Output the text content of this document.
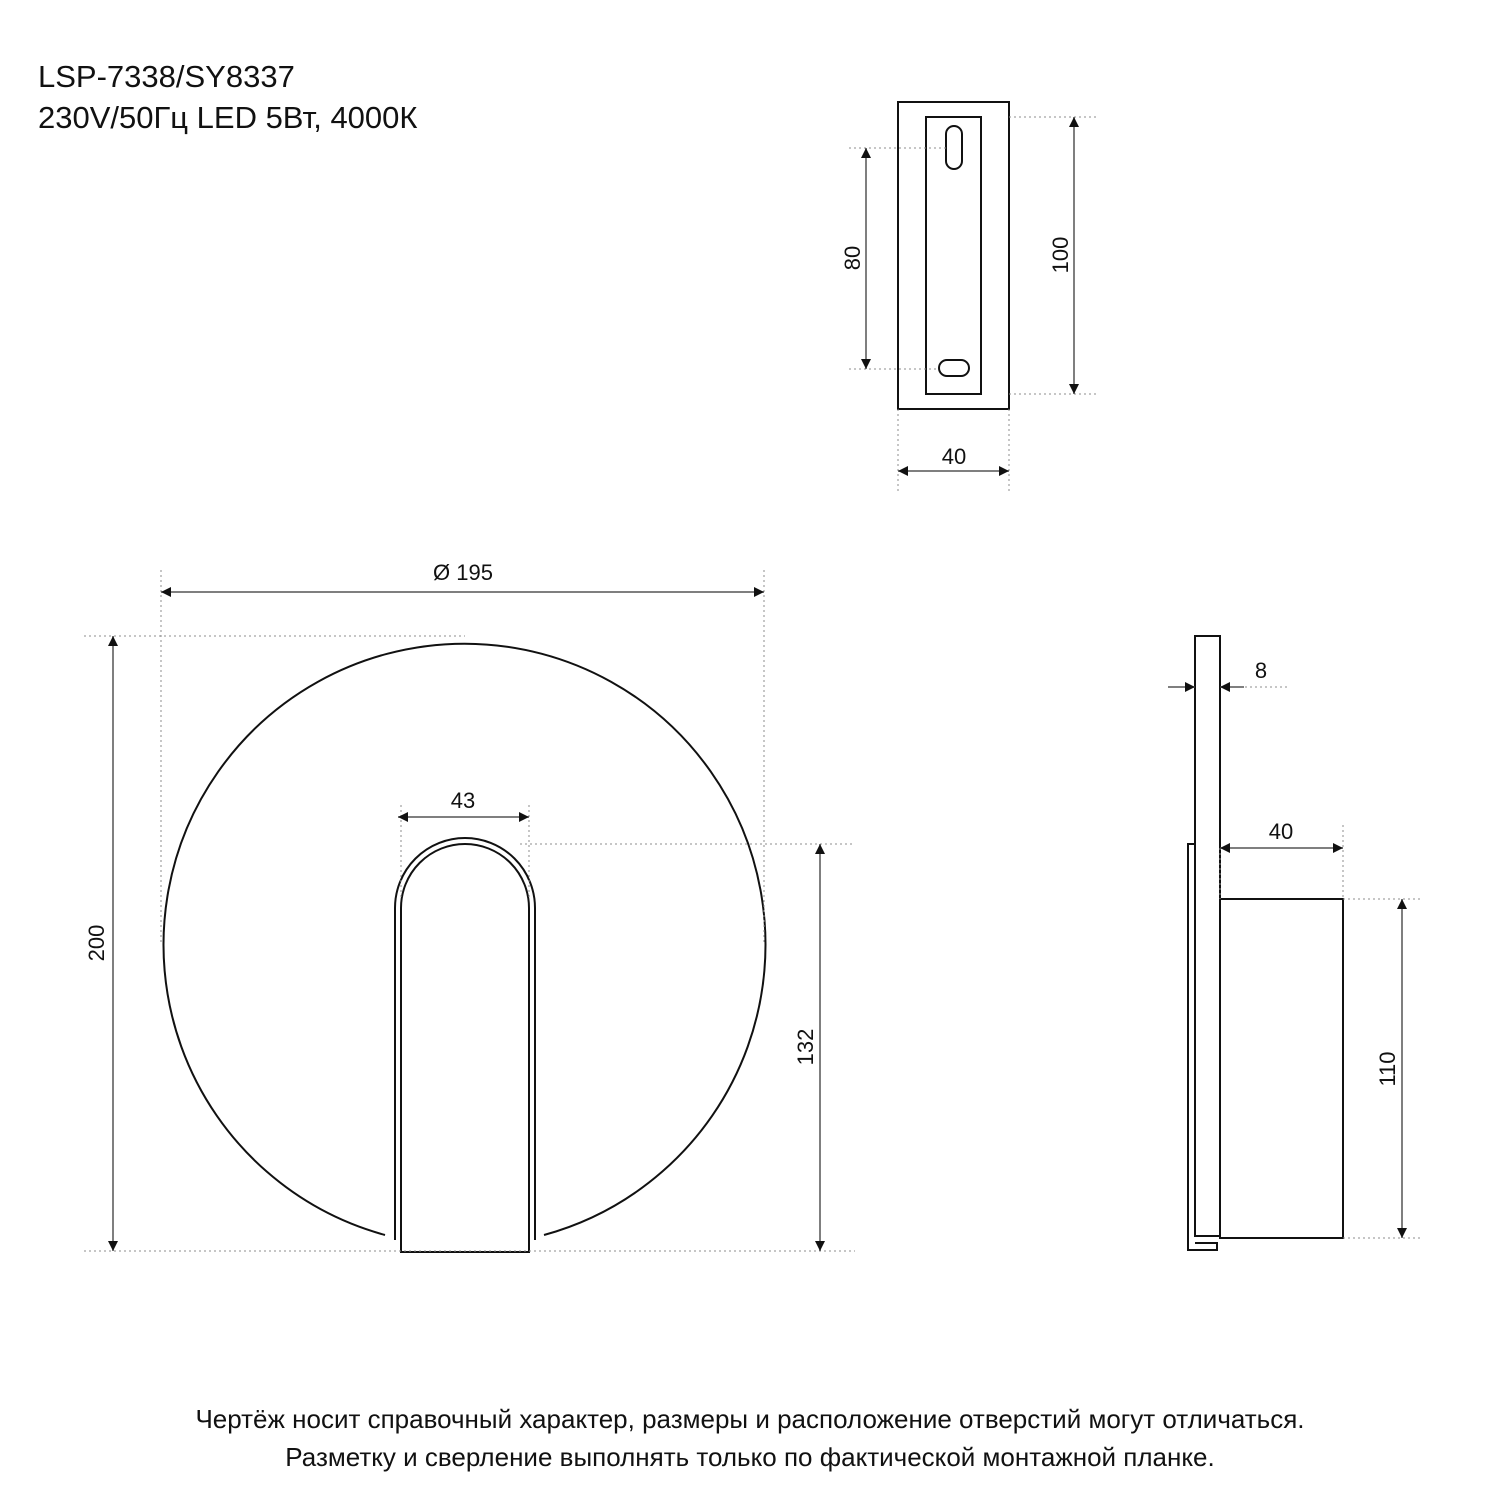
LSP-7338/SY8337
230V/50Гц LED 5Вт, 4000К
80	100
40
Ø 195
200
43
132
8
40
110
Чертёж носит справочный характер, размеры и расположение отверстий могут отличаться.
Разметку и сверление выполнять только по фактической монтажной планке.
